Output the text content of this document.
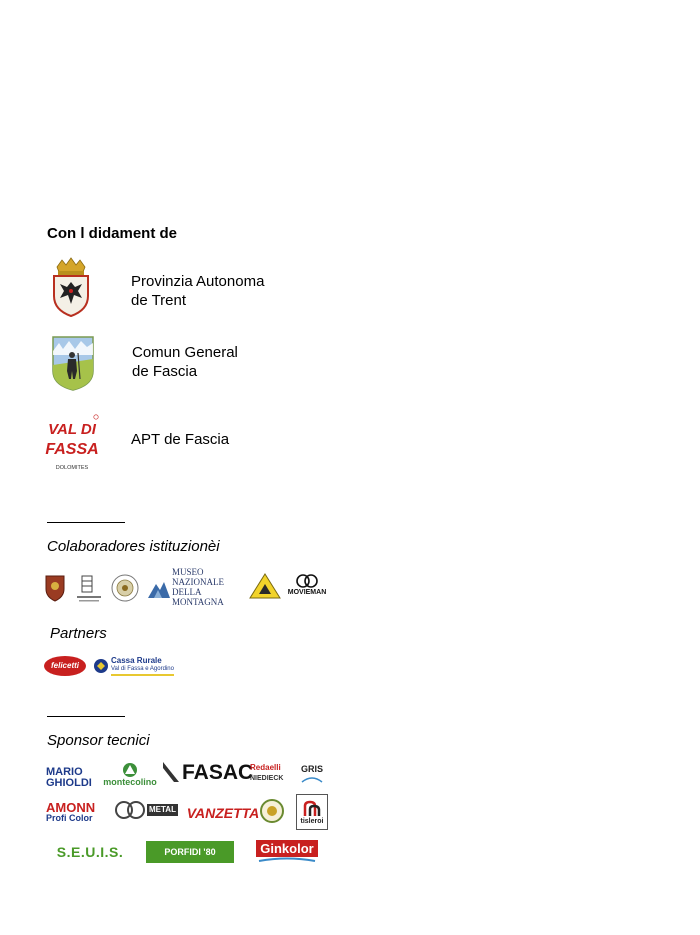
Con l didament de
Provinzia Autonoma
de Trent
Comun General
de Fascia
VAL DI
FASSA
DOLOMITES
APT de Fascia
Colaboradores istituzionèi
MUSEO NAZIONALE
DELLA MONTAGNA
MOVIEMAN
Partners
felicetti
Cassa Rurale
Val di Fassa e Agordino
Sponsor tecnici
MARIO
GHIOLDI montecolino FASAC
Redaelli
NIEDIECK
GRIS
AMONN
Profi Color
METAL VANZETTA	tisleroi
S.E.U.I.S.	PORFIDI '80	Ginkolor
